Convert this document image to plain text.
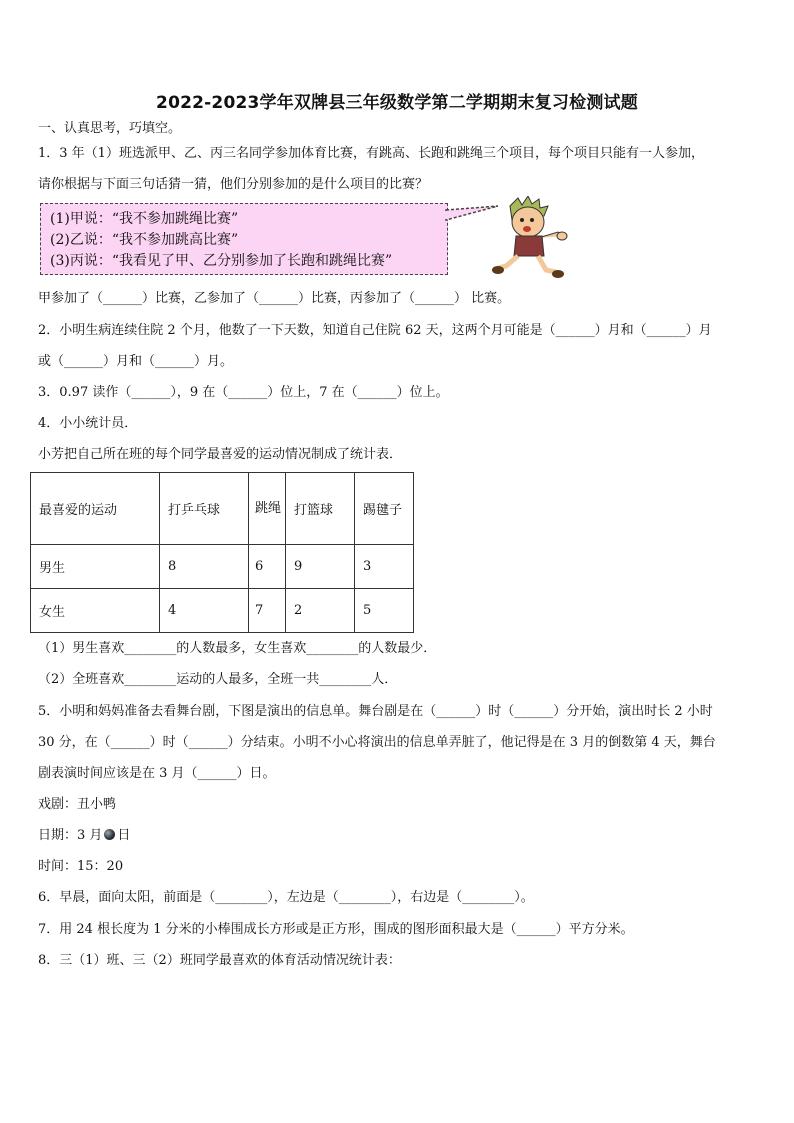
2022-2023学年双牌县三年级数学第二学期期末复习检测试题
一、认真思考，巧填空。
1．3 年（1）班选派甲、乙、丙三名同学参加体育比赛，有跳高、长跑和跳绳三个项目，每个项目只能有一人参加，
请你根据与下面三句话猜一猜，他们分别参加的是什么项目的比赛？
(1)甲说：“我不参加跳绳比赛”
(2)乙说：“我不参加跳高比赛”
(3)丙说：“我看见了甲、乙分别参加了长跑和跳绳比赛”
甲参加了（______）比赛，乙参加了（______）比赛，丙参加了（______） 比赛。
2．小明生病连续住院 2 个月，他数了一下天数，知道自己住院 62 天，这两个月可能是（______）月和（______）月
或（______）月和（______）月。
3．0.97 读作（______），9 在（______）位上，7 在（______）位上。
4．小小统计员．
小芳把自己所在班的每个同学最喜爱的运动情况制成了统计表．
最喜爱的运动	打乒乓球	跳绳	打篮球	踢毽子
男生	8	6	9	3
女生	4	7	2	5
（1）男生喜欢________的人数最多，女生喜欢________的人数最少．
（2）全班喜欢________运动的人最多，全班一共________人．
5．小明和妈妈准备去看舞台剧，下图是演出的信息单。舞台剧是在（______）时（______）分开始，演出时长 2 小时
30 分，在（______）时（______）分结束。小明不小心将演出的信息单弄脏了，他记得是在 3 月的倒数第 4 天，舞台
剧表演时间应该是在 3 月（______）日。
戏剧：丑小鸭
日期：3 月 日
时间：15：20
6．早晨，面向太阳，前面是（________），左边是（________），右边是（________）。
7．用 24 根长度为 1 分米的小棒围成长方形或是正方形，围成的图形面积最大是（______）平方分米。
8．三（1）班、三（2）班同学最喜欢的体育活动情况统计表：
